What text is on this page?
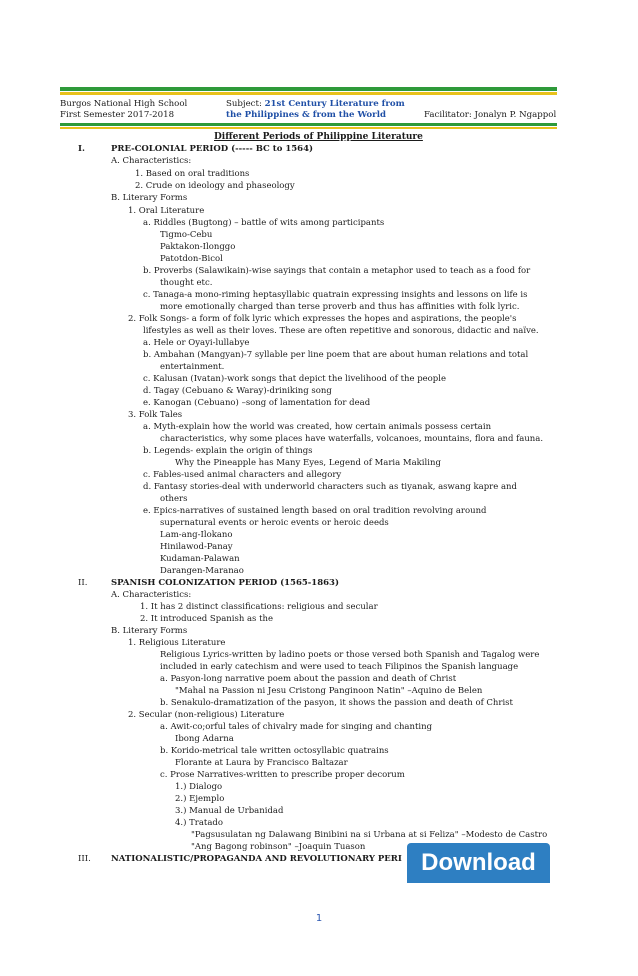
Burgos National High School
First Semester 2017-2018
Subject: 21st Century Literature from
the Philippines & from the World	Facilitator: Jonalyn P. Ngappol
Different Periods of Philippine Literature
I.	PRE-COLONIAL PERIOD (----- BC to 1564)
A. Characteristics:
1. Based on oral traditions
2. Crude on ideology and phaseology
B. Literary Forms
1. Oral Literature
a. Riddles (Bugtong) – battle of wits among participants
Tigmo-Cebu
Paktakon-Ilonggo
Patotdon-Bicol
b. Proverbs (Salawikain)-wise sayings that contain a metaphor used to teach as a food for
thought etc.
c. Tanaga-a mono-riming heptasyllabic quatrain expressing insights and lessons on life is
more emotionally charged than terse proverb and thus has affinities with folk lyric.
2. Folk Songs- a form of folk lyric which expresses the hopes and aspirations, the people's
lifestyles as well as their loves. These are often repetitive and sonorous, didactic and naïve.
a. Hele or Oyayi-lullabye
b. Ambahan (Mangyan)-7 syllable per line poem that are about human relations and total
entertainment.
c. Kalusan (Ivatan)-work songs that depict the livelihood of the people
d. Tagay (Cebuano & Waray)-driniking song
e. Kanogan (Cebuano) –song of lamentation for dead
3. Folk Tales
a. Myth-explain how the world was created, how certain animals possess certain
characteristics, why some places have waterfalls, volcanoes, mountains, flora and fauna.
b. Legends- explain the origin of things
Why the Pineapple has Many Eyes, Legend of Maria Makiling
c. Fables-used animal characters and allegory
d. Fantasy stories-deal with underworld characters such as tiyanak, aswang kapre and
others
e. Epics-narratives of sustained length based on oral tradition revolving around
supernatural events or heroic events or heroic deeds
Lam-ang-Ilokano
Hinilawod-Panay
Kudaman-Palawan
Darangen-Maranao
II.	SPANISH COLONIZATION PERIOD (1565-1863)
A. Characteristics:
1. It has 2 distinct classifications: religious and secular
2. It introduced Spanish as the
B. Literary Forms
1. Religious Literature
Religious Lyrics-written by ladino poets or those versed both Spanish and Tagalog were
included in early catechism and were used to teach Filipinos the Spanish language
a. Pasyon-long narrative poem about the passion and death of Christ
"Mahal na Passion ni Jesu Cristong Panginoon Natin" –Aquino de Belen
b. Senakulo-dramatization of the pasyon, it shows the passion and death of Christ
2. Secular (non-religious) Literature
a. Awit-co;orful tales of chivalry made for singing and chanting
Ibong Adarna
b. Korido-metrical tale written octosyllabic quatrains
Florante at Laura by Francisco Baltazar
c. Prose Narratives-written to prescribe proper decorum
1.) Dialogo
2.) Ejemplo
3.) Manual de Urbanidad
4.) Tratado
"Pagsusulatan ng Dalawang Binibini na si Urbana at si Feliza" –Modesto de Castro
"Ang Bagong robinson" –Joaquin Tuason
III. NATIONALISTIC/PROPAGANDA AND REVOLUTIONARY PERI Download
1
